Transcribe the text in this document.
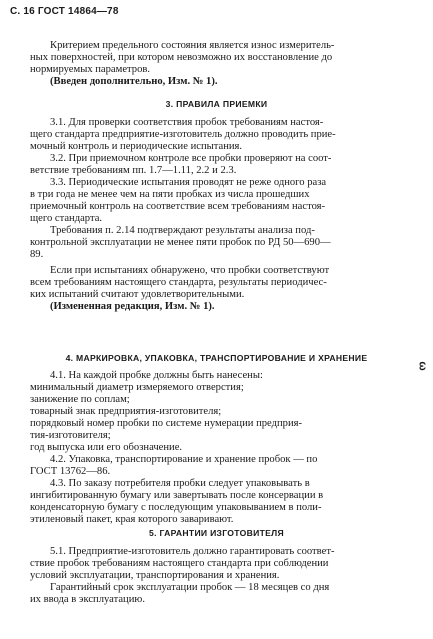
С. 16 ГОСТ 14864—78

Критерием предельного состояния является износ измеритель-
ных поверхностей, при котором невозможно их восстановление до
нормируемых параметров.
(Введен дополнительно, Изм. № 1).

3. ПРАВИЛА ПРИЕМКИ

3.1. Для проверки соответствия пробок требованиям настоя-
щего стандарта предприятие-изготовитель должно проводить прие-
мочный контроль и периодические испытания.

3.2. При приемочном контроле все пробки проверяют на соот-
ветствие требованиям пп. 1.7—1.11, 2.2 и 2.3.

3.3. Периодические испытания проводят не реже одного раза
в три года не менее чем на пяти пробках из числа прошедших
приемочный контроль на соответствие всем требованиям настоя-
щего стандарта.

Требования п. 2.14 подтверждают результаты анализа под-
контрольной эксплуатации не менее пяти пробок по РД 50—690—
89.

Если при испытаниях обнаружено, что пробки соответствуют
всем требованиям настоящего стандарта, результаты периодичес-
ких испытаний считают удовлетворительными.
(Измененная редакция, Изм. № 1).

4. МАРКИРОВКА, УПАКОВКА, ТРАНСПОРТИРОВАНИЕ И ХРАНЕНИЕ

4.1. На каждой пробке должны быть нанесены:
минимальный диаметр измеряемого отверстия;
занижение по соплам;
товарный знак предприятия-изготовителя;
порядковый номер пробки по системе нумерации предприя-
тия-изготовителя;
год выпуска или его обозначение.

4.2. Упаковка, транспортирование и хранение пробок — по
ГОСТ 13762—86.

4.3. По заказу потребителя пробки следует упаковывать в
ингибитированную бумагу или завертывать после консервации в
конденсаторную бумагу с последующим упаковыванием в поли-
этиленовый пакет, края которого заваривают.

5. ГАРАНТИИ ИЗГОТОВИТЕЛЯ

5.1. Предприятие-изготовитель должно гарантировать соответ-
ствие пробок требованиям настоящего стандарта при соблюдении
условий эксплуатации, транспортирования и хранения.

Гарантийный срок эксплуатации пробок — 18 месяцев со дня
их ввода в эксплуатацию.

ω
